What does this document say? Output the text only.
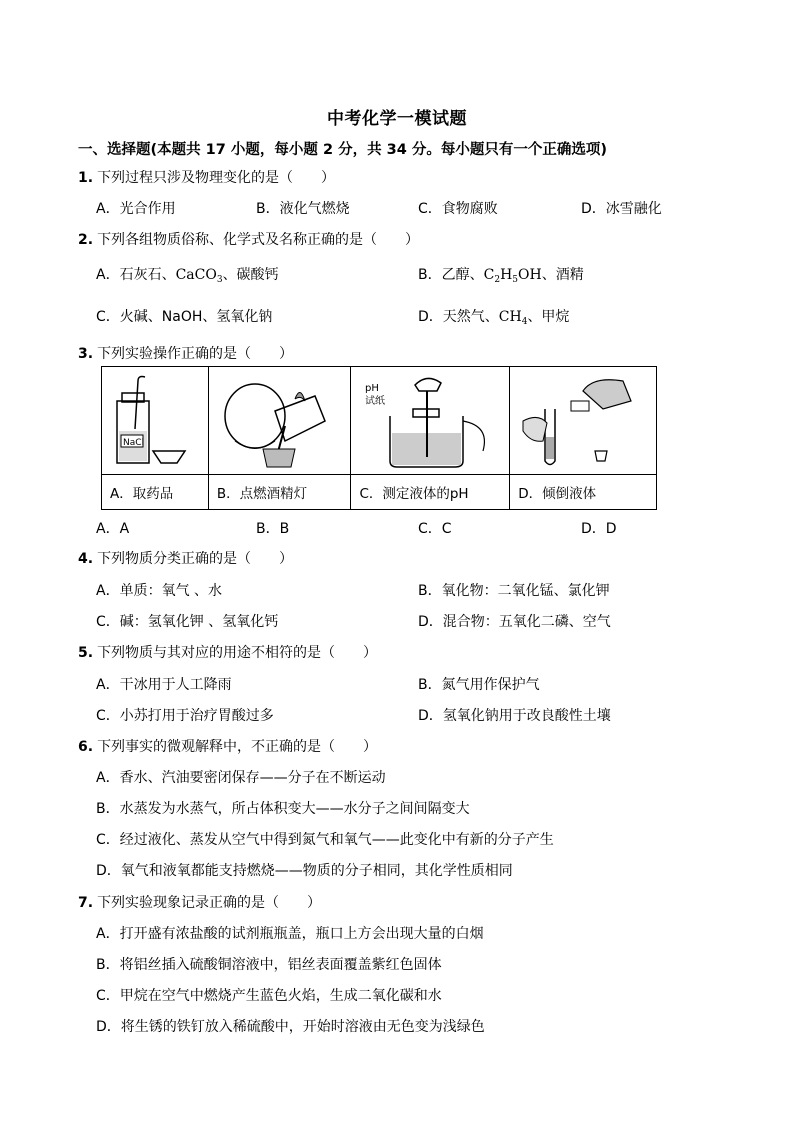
中考化学一模试题
一、选择题(本题共 17 小题，每小题 2 分，共 34 分。每小题只有一个正确选项)
1. 下列过程只涉及物理变化的是（　　）
A．光合作用	B．液化气燃烧	C．食物腐败	D．冰雪融化
2. 下列各组物质俗称、化学式及名称正确的是（　　）
A．石灰石、CaCO$_3$、碳酸钙	B．乙醇、$C_2H_5OH$、酒精
C．火碱、NaOH、氢氧化钠	D．天然气、$CH_4$、甲烷
3. 下列实验操作正确的是（　　）
NaCl		pH
试纸

A．取药品	B．点燃酒精灯	C．测定液体的pH	D．倾倒液体
A．A	B．B	C．C	D．D
4. 下列物质分类正确的是（　　）
A．单质：氧气 、水	B．氧化物：二氧化锰、氯化钾
C．碱：氢氧化钾 、氢氧化钙	D．混合物：五氧化二磷、空气
5. 下列物质与其对应的用途不相符的是（　　）
A．干冰用于人工降雨	B．氮气用作保护气
C．小苏打用于治疗胃酸过多	D．氢氧化钠用于改良酸性土壤
6. 下列事实的微观解释中，不正确的是（　　）
A．香水、汽油要密闭保存——分子在不断运动
B．水蒸发为水蒸气，所占体积变大——水分子之间间隔变大
C．经过液化、蒸发从空气中得到氮气和氧气——此变化中有新的分子产生
D．氧气和液氧都能支持燃烧——物质的分子相同，其化学性质相同
7. 下列实验现象记录正确的是（　　）
A．打开盛有浓盐酸的试剂瓶瓶盖，瓶口上方会出现大量的白烟
B．将铝丝插入硫酸铜溶液中，铝丝表面覆盖紫红色固体
C．甲烷在空气中燃烧产生蓝色火焰，生成二氧化碳和水
D．将生锈的铁钉放入稀硫酸中，开始时溶液由无色变为浅绿色
